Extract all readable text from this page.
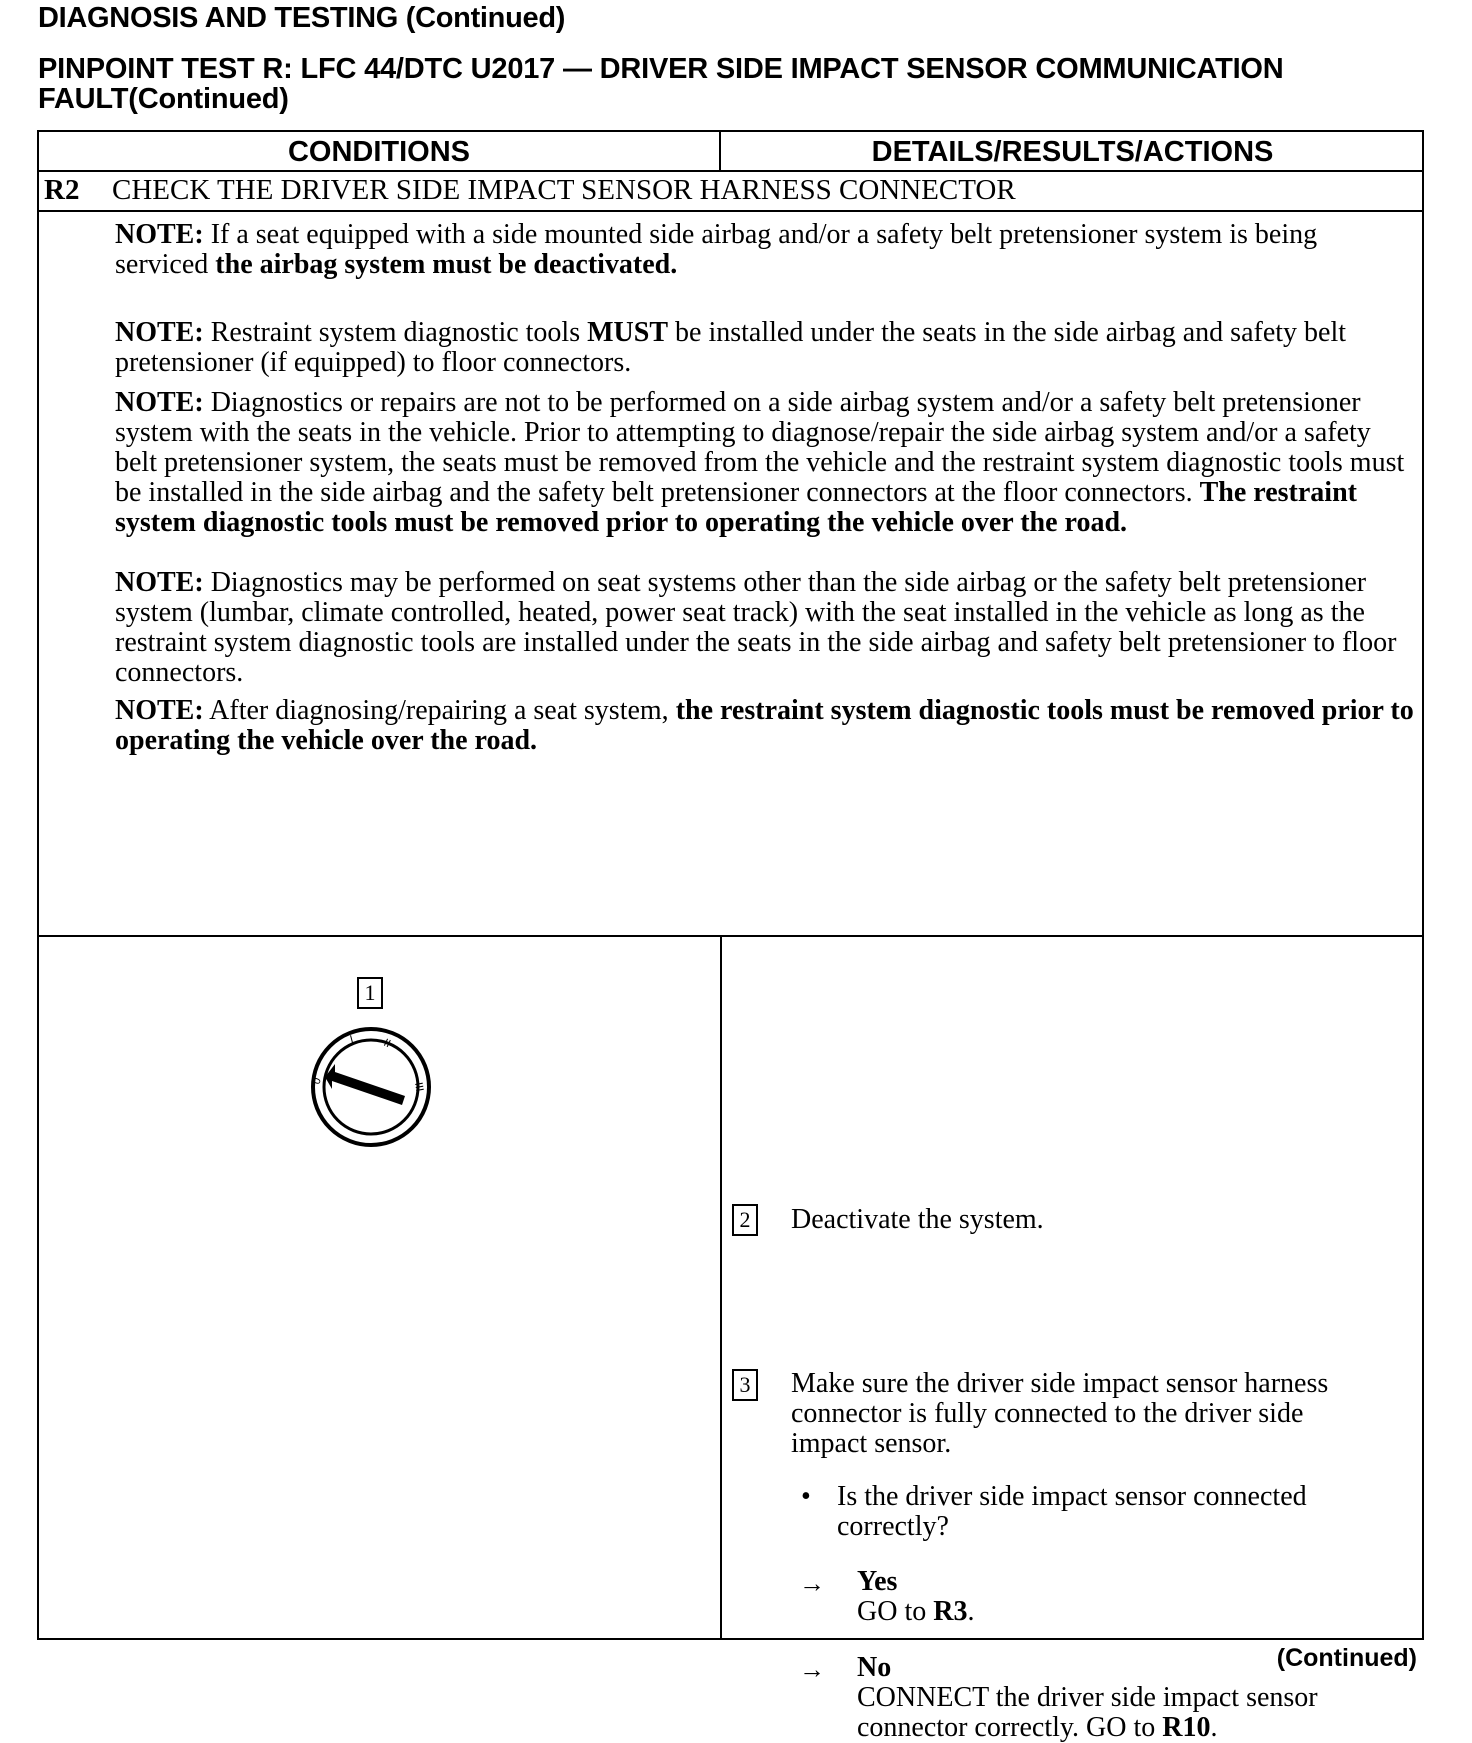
DIAGNOSIS AND TESTING (Continued)
PINPOINT TEST R: LFC 44/DTC U2017 — DRIVER SIDE IMPACT SENSOR COMMUNICATION FAULT(Continued)
CONDITIONS	DETAILS/RESULTS/ACTIONS
R2 CHECK THE DRIVER SIDE IMPACT SENSOR HARNESS CONNECTOR

NOTE: If a seat equipped with a side mounted side airbag and/or a safety belt pretensioner system is being serviced the airbag system must be deactivated.

NOTE: Restraint system diagnostic tools MUST be installed under the seats in the side airbag and safety belt pretensioner (if equipped) to floor connectors.

NOTE: Diagnostics or repairs are not to be performed on a side airbag system and/or a safety belt pretensioner system with the seats in the vehicle. Prior to attempting to diagnose/repair the side airbag system and/or a safety belt pretensioner system, the seats must be removed from the vehicle and the restraint system diagnostic tools must be installed in the side airbag and the safety belt pretensioner connectors at the floor connectors. The restraint system diagnostic tools must be removed prior to operating the vehicle over the road.

NOTE: Diagnostics may be performed on seat systems other than the side airbag or the safety belt pretensioner system (lumbar, climate controlled, heated, power seat track) with the seat installed in the vehicle as long as the restraint system diagnostic tools are installed under the seats in the side airbag and safety belt pretensioner to floor connectors.

NOTE: After diagnosing/repairing a seat system, the restraint system diagnostic tools must be removed prior to operating the vehicle over the road.

1
0
I II
III
2 Deactivate the system.
3 Make sure the driver side impact sensor harness connector is fully connected to the driver side impact sensor.
• Is the driver side impact sensor connected correctly?
→ Yes
GO to R3.
→ No
CONNECT the driver side impact sensor connector correctly. GO to R10.
(Continued)
